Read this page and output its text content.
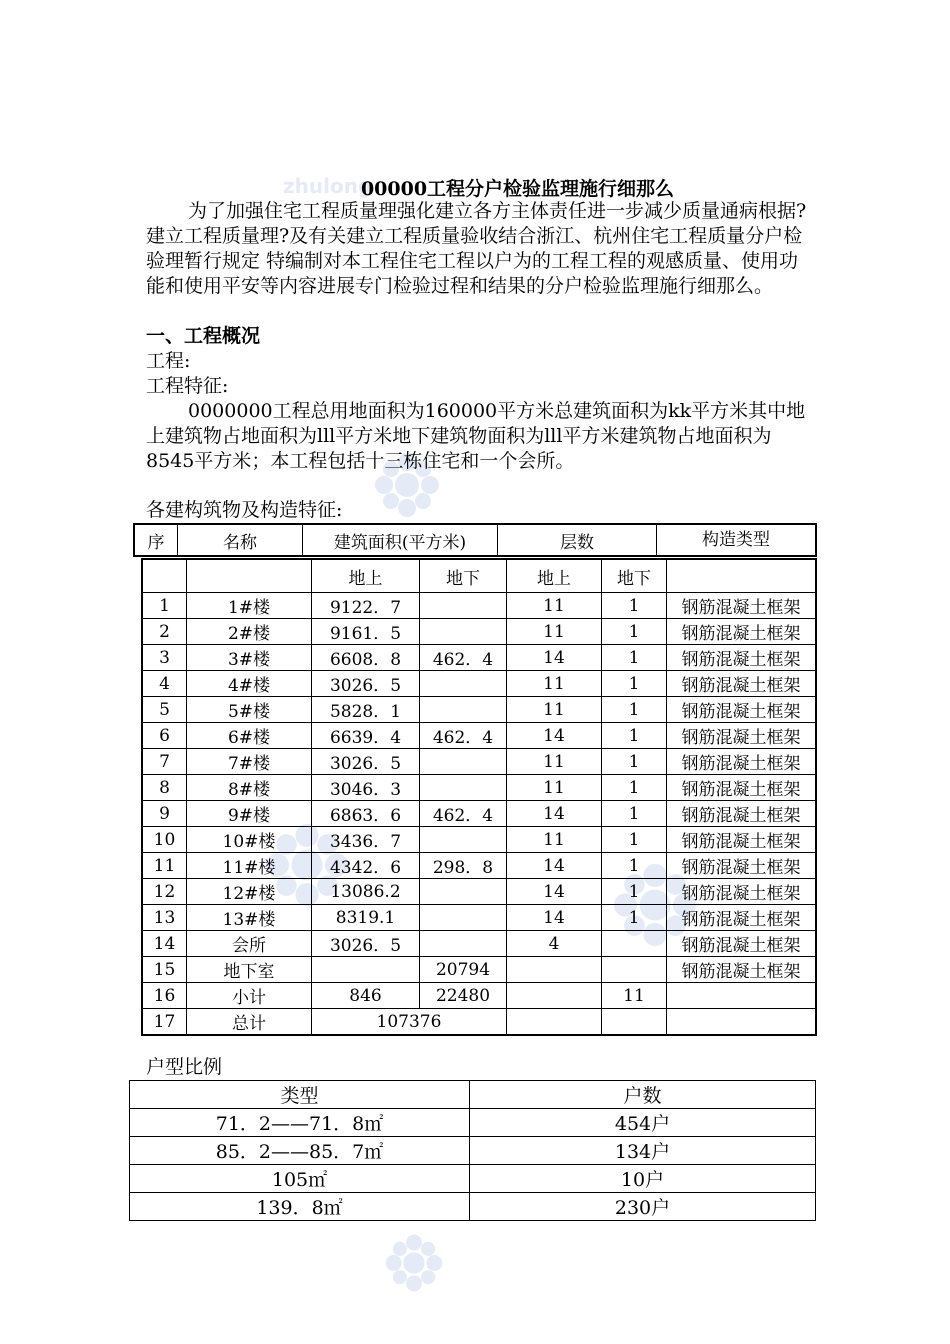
zhulong
00000工程分户检验监理施行细那么
为了加强住宅工程质量理强化建立各方主体责任进一步减少质量通病根据?建立工程质量理?及有关建立工程质量验收结合浙江、杭州住宅工程质量分户检验理暂行规定 特编制对本工程住宅工程以户为的工程工程的观感质量、使用功能和使用平安等内容进展专门检验过程和结果的分户检验监理施行细那么。
一、工程概况
工程:
工程特征:
0000000工程总用地面积为160000平方米总建筑面积为kk平方米其中地上建筑物占地面积为lll平方米地下建筑物面积为lll平方米建筑物占地面积为8545平方米；本工程包括十三栋住宅和一个会所。
各建构筑物及构造特征:
序	名称	建筑面积(平方米)	层数	构造类型
		地上	地下	地上	地下	
1	1#楼	9122．7		11	1	钢筋混凝土框架
2	2#楼	9161．5		11	1	钢筋混凝土框架
3	3#楼	6608．8	462．4	14	1	钢筋混凝土框架
4	4#楼	3026．5		11	1	钢筋混凝土框架
5	5#楼	5828．1		11	1	钢筋混凝土框架
6	6#楼	6639．4	462．4	14	1	钢筋混凝土框架
7	7#楼	3026．5		11	1	钢筋混凝土框架
8	8#楼	3046．3		11	1	钢筋混凝土框架
9	9#楼	6863．6	462．4	14	1	钢筋混凝土框架
10	10#楼	3436．7		11	1	钢筋混凝土框架
11	11#楼	4342．6	298．8	14	1	钢筋混凝土框架
12	12#楼	13086.2		14	1	钢筋混凝土框架
13	13#楼	8319.1		14	1	钢筋混凝土框架
14	会所	3026．5		4		钢筋混凝土框架
15	地下室		20794			钢筋混凝土框架
16	小计	846	22480		11	
17	总计	107376				
户型比例
类型	户数
71．2——71．8㎡	454户
85．2——85．7㎡	134户
105㎡	10户
139．8㎡	230户
